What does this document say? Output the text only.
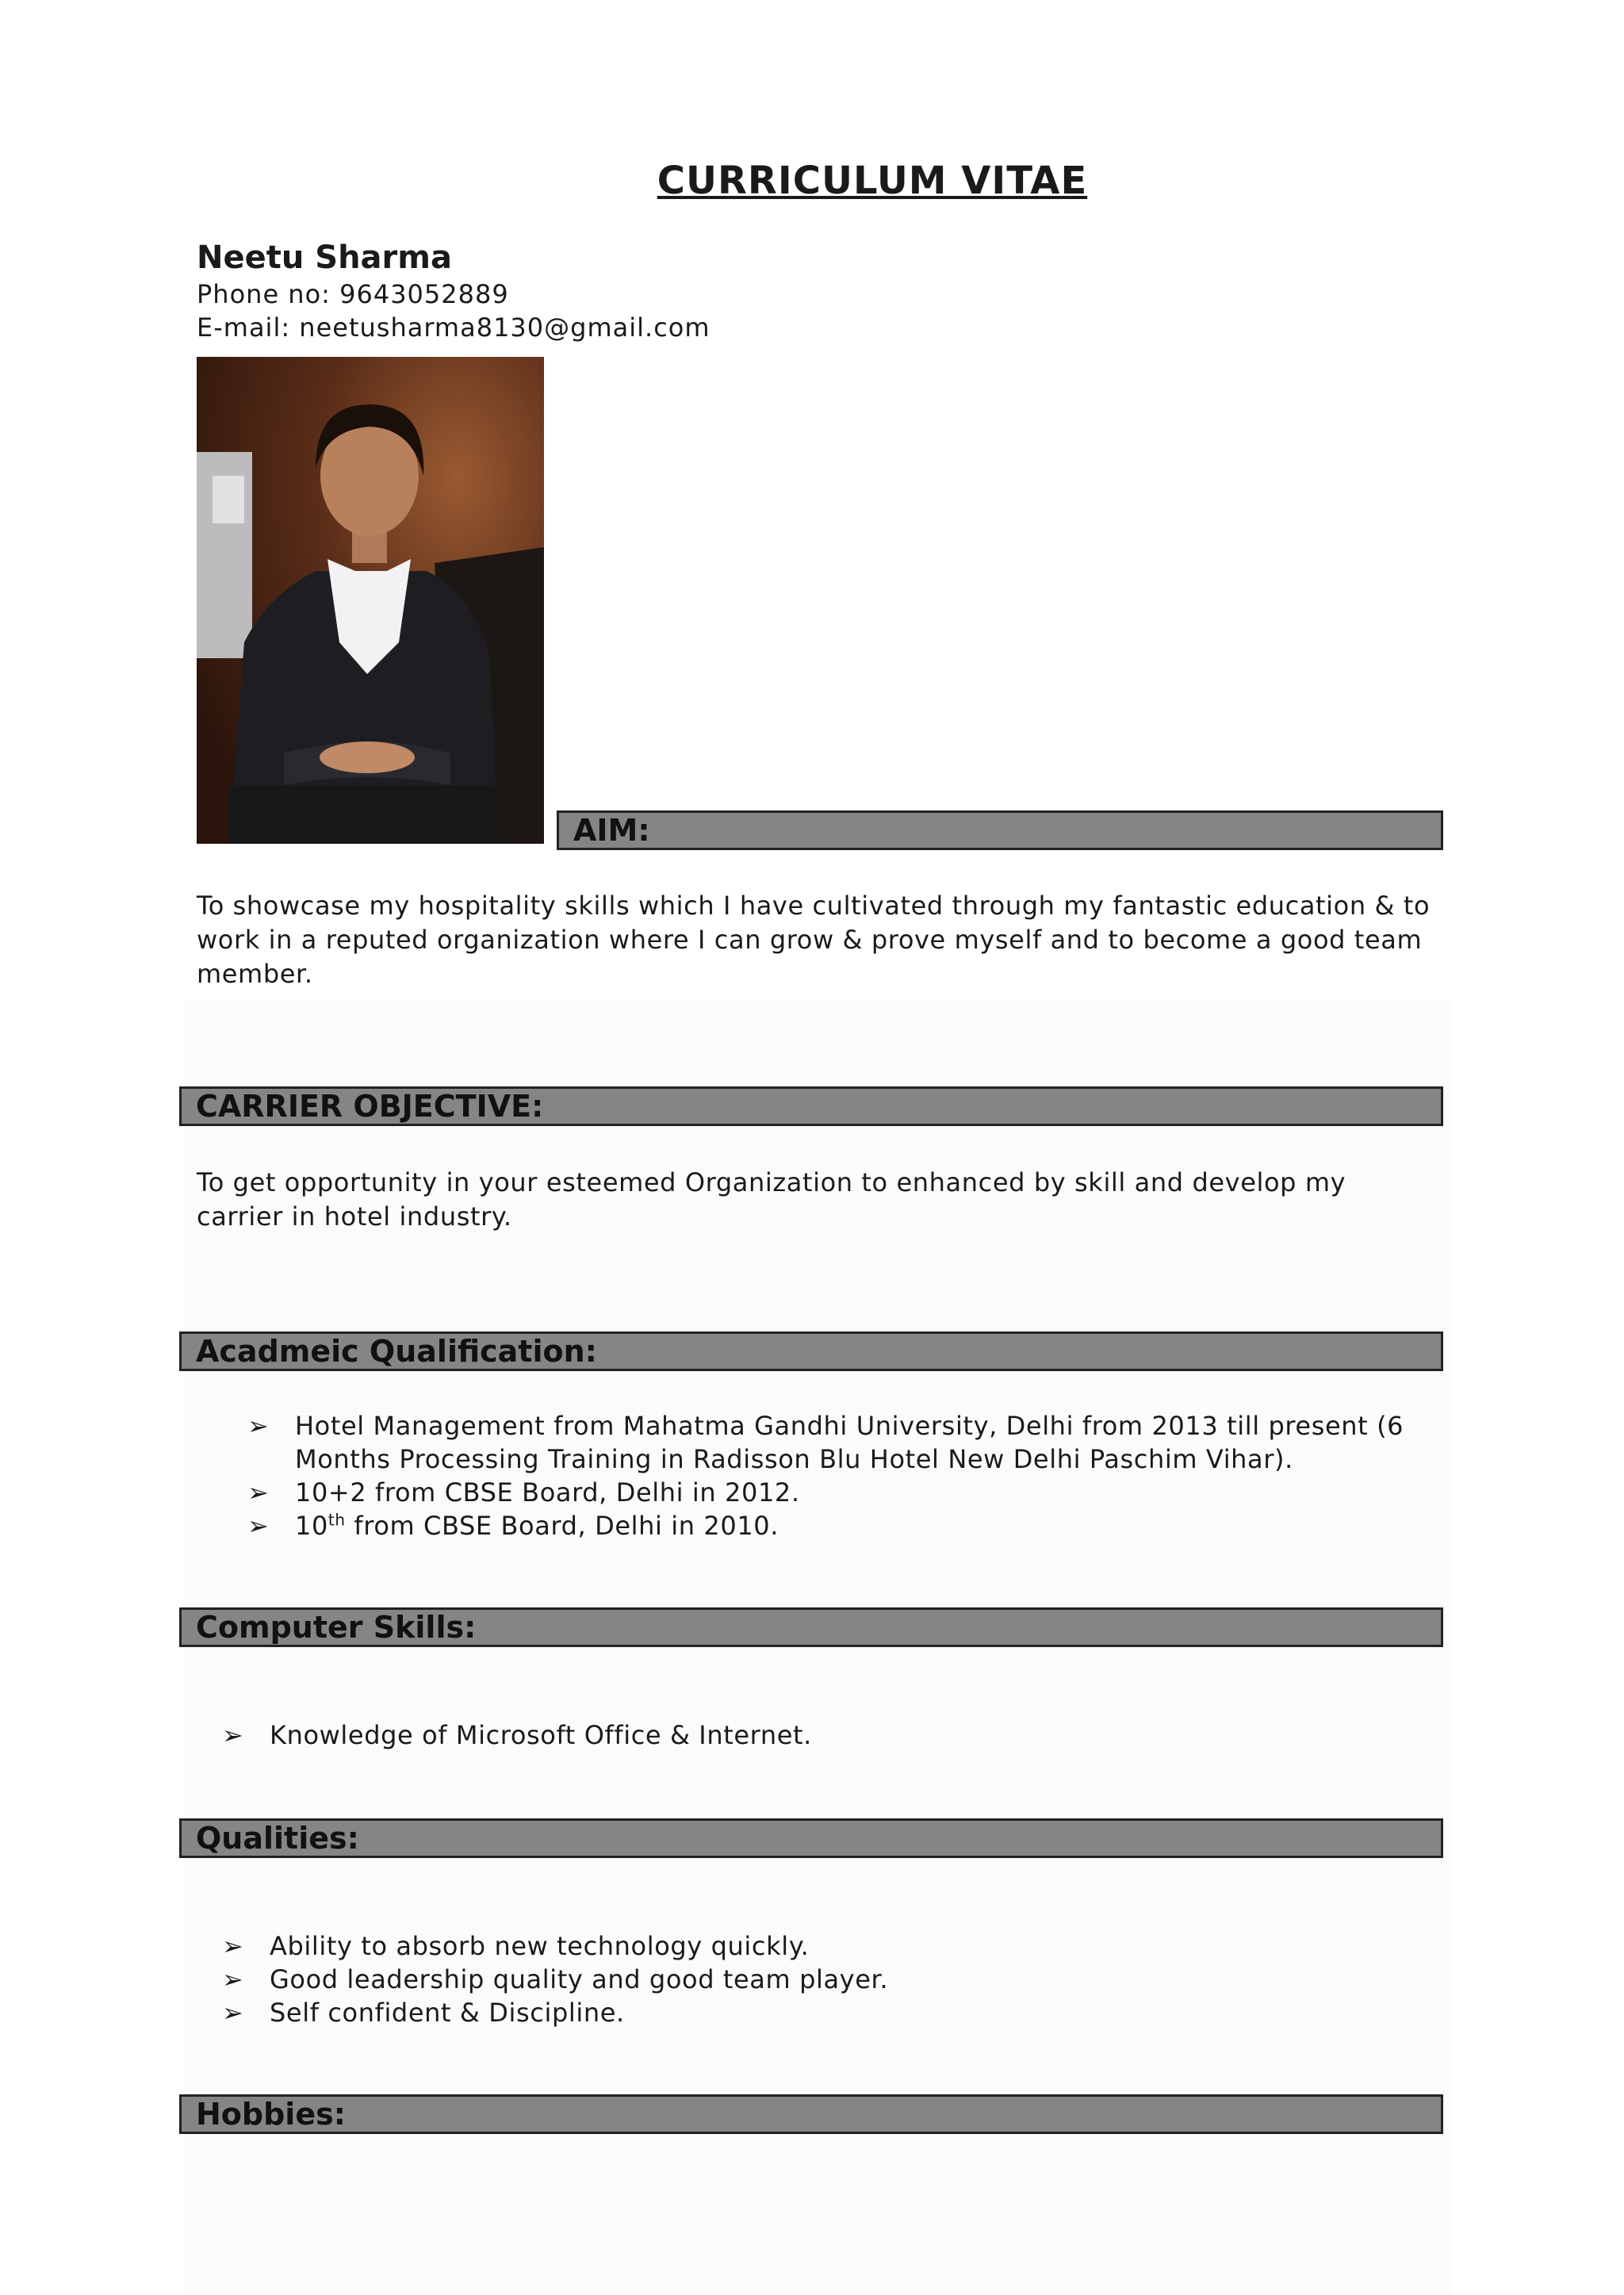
CURRICULUM VITAE
Neetu Sharma
Phone no: 9643052889
E-mail: neetusharma8130@gmail.com
AIM:
To showcase my hospitality skills which I have cultivated through my fantastic education & to work in a reputed organization where I can grow & prove myself and to become a good team member.
CARRIER OBJECTIVE:
To get opportunity in your esteemed Organization to enhanced by skill and develop my carrier in hotel industry.
Acadmeic Qualification:
➢ Hotel Management from Mahatma Gandhi University, Delhi from 2013 till present (6 Months Processing Training in Radisson Blu Hotel New Delhi Paschim Vihar).
➢ 10+2 from CBSE Board, Delhi in 2012.
➢ 10th from CBSE Board, Delhi in 2010.
Computer Skills:
➢ Knowledge of Microsoft Office & Internet.
Qualities:
➢ Ability to absorb new technology quickly.
➢ Good leadership quality and good team player.
➢ Self confident & Discipline.
Hobbies:
